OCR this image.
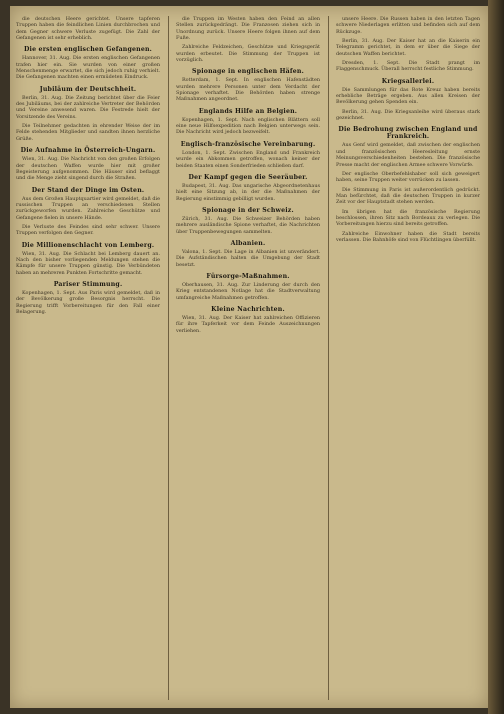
die deutschen Heere gerichtet. Unsere tapferen Truppen haben die feindlichen Linien durchbrochen und dem Gegner schwere Verluste zugefügt. Die Zahl der Gefangenen ist sehr erheblich.

Die ersten englischen Gefangenen.

Hannover, 31. Aug. Die ersten englischen Gefangenen trafen hier ein. Sie wurden von einer großen Menschenmenge erwartet, die sich jedoch ruhig verhielt. Die Gefangenen machten einen ermüdeten Eindruck.

Jubiläum der Deutschheit.

Berlin, 31. Aug. Die Zeitung berichtet über die Feier des Jubiläums, bei der zahlreiche Vertreter der Behörden und Vereine anwesend waren. Die Festrede hielt der Vorsitzende des Vereins.

Die Teilnehmer gedachten in ehrender Weise der im Felde stehenden Mitglieder und sandten ihnen herzliche Grüße.

Die Aufnahme in Österreich-Ungarn.

Wien, 31. Aug. Die Nachricht von den großen Erfolgen der deutschen Waffen wurde hier mit großer Begeisterung aufgenommen. Die Häuser sind beflaggt und die Menge zieht singend durch die Straßen.

Der Stand der Dinge im Osten.

Aus dem Großen Hauptquartier wird gemeldet, daß die russischen Truppen an verschiedenen Stellen zurückgeworfen wurden. Zahlreiche Geschütze und Gefangene fielen in unsere Hände.

Die Verluste des Feindes sind sehr schwer. Unsere Truppen verfolgen den Gegner.

Die Millionenschlacht von Lemberg.

Wien, 31. Aug. Die Schlacht bei Lemberg dauert an. Nach den bisher vorliegenden Meldungen stehen die Kämpfe für unsere Truppen günstig. Die Verbündeten haben an mehreren Punkten Fortschritte gemacht.

Pariser Stimmung.

Kopenhagen, 1. Sept. Aus Paris wird gemeldet, daß in der Bevölkerung große Besorgnis herrscht. Die Regierung trifft Vorbereitungen für den Fall einer Belagerung.

die Truppen im Westen haben den Feind an allen Stellen zurückgedrängt. Die Franzosen ziehen sich in Unordnung zurück. Unsere Heere folgen ihnen auf dem Fuße.

Zahlreiche Feldzeichen, Geschütze und Kriegsgerät wurden erbeutet. Die Stimmung der Truppen ist vorzüglich.

Spionage in englischen Häfen.

Rotterdam, 1. Sept. In englischen Hafenstädten wurden mehrere Personen unter dem Verdacht der Spionage verhaftet. Die Behörden haben strenge Maßnahmen angeordnet.

Englands Hilfe an Belgien.

Kopenhagen, 1. Sept. Nach englischen Blättern soll eine neue Hilfsexpedition nach Belgien unterwegs sein. Die Nachricht wird jedoch bezweifelt.

Englisch-französische Vereinbarung.

London, 1. Sept. Zwischen England und Frankreich wurde ein Abkommen getroffen, wonach keiner der beiden Staaten einen Sonderfrieden schließen darf.

Der Kampf gegen die Seeräuber.

Budapest, 31. Aug. Das ungarische Abgeordnetenhaus hielt eine Sitzung ab, in der die Maßnahmen der Regierung einstimmig gebilligt wurden.

Spionage in der Schweiz.

Zürich, 31. Aug. Die Schweizer Behörden haben mehrere ausländische Spione verhaftet, die Nachrichten über Truppenbewegungen sammelten.

Albanien.

Valona, 1. Sept. Die Lage in Albanien ist unverändert. Die Aufständischen halten die Umgebung der Stadt besetzt.

Fürsorge-Maßnahmen.

Oberhausen, 31. Aug. Zur Linderung der durch den Krieg entstandenen Notlage hat die Stadtverwaltung umfangreiche Maßnahmen getroffen.

Kleine Nachrichten.

Wien, 31. Aug. Der Kaiser hat zahlreichen Offizieren für ihre Tapferkeit vor dem Feinde Auszeichnungen verliehen.

unsere Heere. Die Russen haben in den letzten Tagen schwere Niederlagen erlitten und befinden sich auf dem Rückzuge.

Berlin, 31. Aug. Der Kaiser hat an die Kaiserin ein Telegramm gerichtet, in dem er über die Siege der deutschen Waffen berichtet.

Dresden, 1. Sept. Die Stadt prangt im Flaggenschmuck. Überall herrscht festliche Stimmung.

Kriegsallerlei.

Die Sammlungen für das Rote Kreuz haben bereits erhebliche Beträge ergeben. Aus allen Kreisen der Bevölkerung gehen Spenden ein.

Berlin, 31. Aug. Die Kriegsanleihe wird überaus stark gezeichnet.

Die Bedrohung zwischen England und Frankreich.

Aus Genf wird gemeldet, daß zwischen der englischen und französischen Heeresleitung ernste Meinungsverschiedenheiten bestehen. Die französische Presse macht der englischen Armee schwere Vorwürfe.

Der englische Oberbefehlshaber soll sich geweigert haben, seine Truppen weiter vorrücken zu lassen.

Die Stimmung in Paris ist außerordentlich gedrückt. Man befürchtet, daß die deutschen Truppen in kurzer Zeit vor der Hauptstadt stehen werden.

Im übrigen hat die französische Regierung beschlossen, ihren Sitz nach Bordeaux zu verlegen. Die Vorbereitungen hierzu sind bereits getroffen.

Zahlreiche Einwohner haben die Stadt bereits verlassen. Die Bahnhöfe sind von Flüchtlingen überfüllt.
